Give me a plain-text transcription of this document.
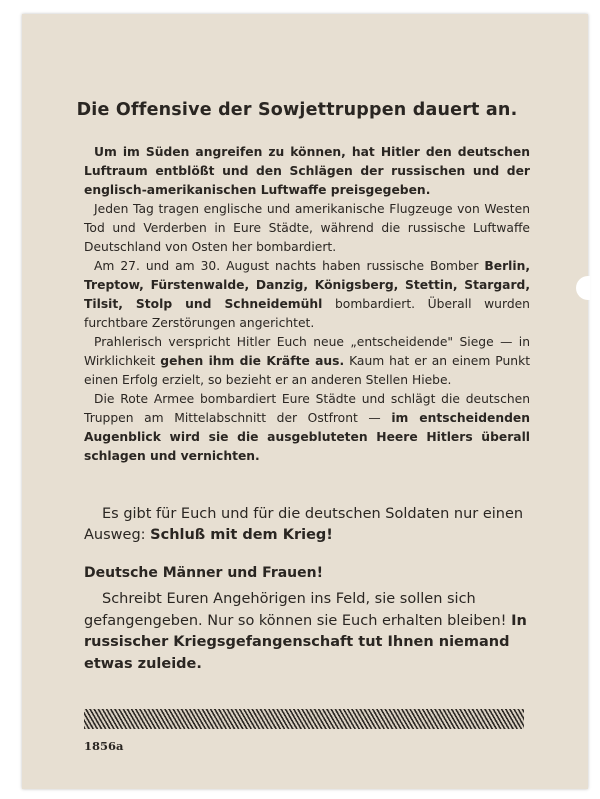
Die Offensive der Sowjettruppen dauert an.

Um im Süden angreifen zu können, hat Hitler den deutschen Luftraum entblößt und den Schlägen der russischen und der englisch-amerikanischen Luftwaffe preisgegeben.

Jeden Tag tragen englische und amerikanische Flugzeuge von Westen Tod und Verderben in Eure Städte, während die russische Luftwaffe Deutschland von Osten her bombardiert.

Am 27. und am 30. August nachts haben russische Bomber Berlin, Treptow, Fürstenwalde, Danzig, Königsberg, Stettin, Stargard, Tilsit, Stolp und Schneidemühl bombardiert. Überall wurden furchtbare Zerstörungen angerichtet.

Prahlerisch verspricht Hitler Euch neue „entscheidende" Siege — in Wirklichkeit gehen ihm die Kräfte aus. Kaum hat er an einem Punkt einen Erfolg erzielt, so bezieht er an anderen Stellen Hiebe.

Die Rote Armee bombardiert Eure Städte und schlägt die deutschen Truppen am Mittelabschnitt der Ostfront — im entscheidenden Augenblick wird sie die ausgebluteten Heere Hitlers überall schlagen und vernichten.

Es gibt für Euch und für die deutschen Soldaten nur einen Ausweg: Schluß mit dem Krieg!
Deutsche Männer und Frauen!
Schreibt Euren Angehörigen ins Feld, sie sollen sich gefangengeben. Nur so können sie Euch erhalten bleiben! In russischer Kriegsgefangenschaft tut Ihnen niemand etwas zuleide.
1856a
